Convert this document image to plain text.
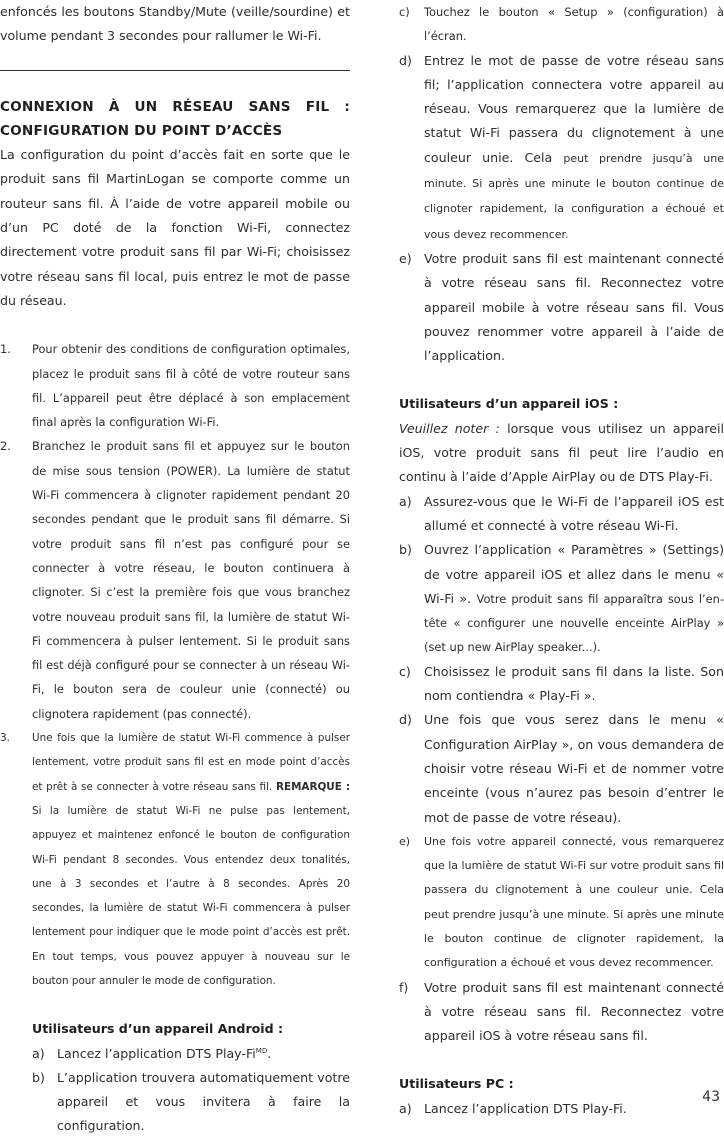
enfoncés les boutons Standby/Mute (veille/sourdine) et volume pendant 3 secondes pour rallumer le Wi-Fi.

CONNEXION À UN RÉSEAU SANS FIL : CONFIGURATION DU POINT D’ACCÈS

La configuration du point d’accès fait en sorte que le produit sans fil MartinLogan se comporte comme un routeur sans fil. À l’aide de votre appareil mobile ou d’un PC doté de la fonction Wi-Fi, connectez directement votre produit sans fil par Wi-Fi; choisissez votre réseau sans fil local, puis entrez le mot de passe du réseau.

1. Pour obtenir des conditions de configuration optimales, placez le produit sans fil à côté de votre routeur sans fil. L’appareil peut être déplacé à son emplacement final après la configuration Wi-Fi.
2. Branchez le produit sans fil et appuyez sur le bouton de mise sous tension (POWER). La lumière de statut Wi-Fi commencera à clignoter rapidement pendant 20 secondes pendant que le produit sans fil démarre. Si votre produit sans fil n’est pas configuré pour se connecter à votre réseau, le bouton continuera à clignoter. Si c’est la première fois que vous branchez votre nouveau produit sans fil, la lumière de statut Wi-Fi commencera à pulser lentement. Si le produit sans fil est déjà configuré pour se connecter à un réseau Wi-Fi, le bouton sera de couleur unie (connecté) ou clignotera rapidement (pas connecté).
3. Une fois que la lumière de statut Wi-Fi commence à pulser lentement, votre produit sans fil est en mode point d’accès et prêt à se connecter à votre réseau sans fil. REMARQUE : Si la lumière de statut Wi-Fi ne pulse pas lentement, appuyez et maintenez enfoncé le bouton de configuration Wi-Fi pendant 8 secondes. Vous entendez deux tonalités, une à 3 secondes et l’autre à 8 secondes. Après 20 secondes, la lumière de statut Wi-Fi commencera à pulser lentement pour indiquer que le mode point d’accès est prêt. En tout temps, vous pouvez appuyer à nouveau sur le bouton pour annuler le mode de configuration.
Utilisateurs d’un appareil Android :
a) Lancez l’application DTS Play-$Fi^{MD}$.
b) L’application trouvera automatiquement votre appareil et vous invitera à faire la configuration.
c) Touchez le bouton « Setup » (configuration) à l’écran.
d) Entrez le mot de passe de votre réseau sans fil; l’application connectera votre appareil au réseau. Vous remarquerez que la lumière de statut Wi-Fi passera du clignotement à une couleur unie. Cela peut prendre jusqu’à une minute. Si après une minute le bouton continue de clignoter rapidement, la configuration a échoué et vous devez recommencer.
e) Votre produit sans fil est maintenant connecté à votre réseau sans fil. Reconnectez votre appareil mobile à votre réseau sans fil. Vous pouvez renommer votre appareil à l’aide de l’application.
Utilisateurs d’un appareil iOS :

Veuillez noter : lorsque vous utilisez un appareil iOS, votre produit sans fil peut lire l’audio en continu à l’aide d’Apple AirPlay ou de DTS Play-Fi.

a) Assurez-vous que le Wi-Fi de l’appareil iOS est allumé et connecté à votre réseau Wi-Fi.
b) Ouvrez l’application « Paramètres » (Settings) de votre appareil iOS et allez dans le menu « Wi-Fi ». Votre produit sans fil apparaîtra sous l’en-tête « configurer une nouvelle enceinte AirPlay » (set up new AirPlay speaker...).
c) Choisissez le produit sans fil dans la liste. Son nom contiendra « Play-Fi ».
d) Une fois que vous serez dans le menu « Configuration AirPlay », on vous demandera de choisir votre réseau Wi-Fi et de nommer votre enceinte (vous n’aurez pas besoin d’entrer le mot de passe de votre réseau).
e) Une fois votre appareil connecté, vous remarquerez que la lumière de statut Wi-Fi sur votre produit sans fil passera du clignotement à une couleur unie. Cela peut prendre jusqu’à une minute. Si après une minute le bouton continue de clignoter rapidement, la configuration a échoué et vous devez recommencer.
f) Votre produit sans fil est maintenant connecté à votre réseau sans fil. Reconnectez votre appareil iOS à votre réseau sans fil.
Utilisateurs PC :
a) Lancez l’application DTS Play-Fi.
43
